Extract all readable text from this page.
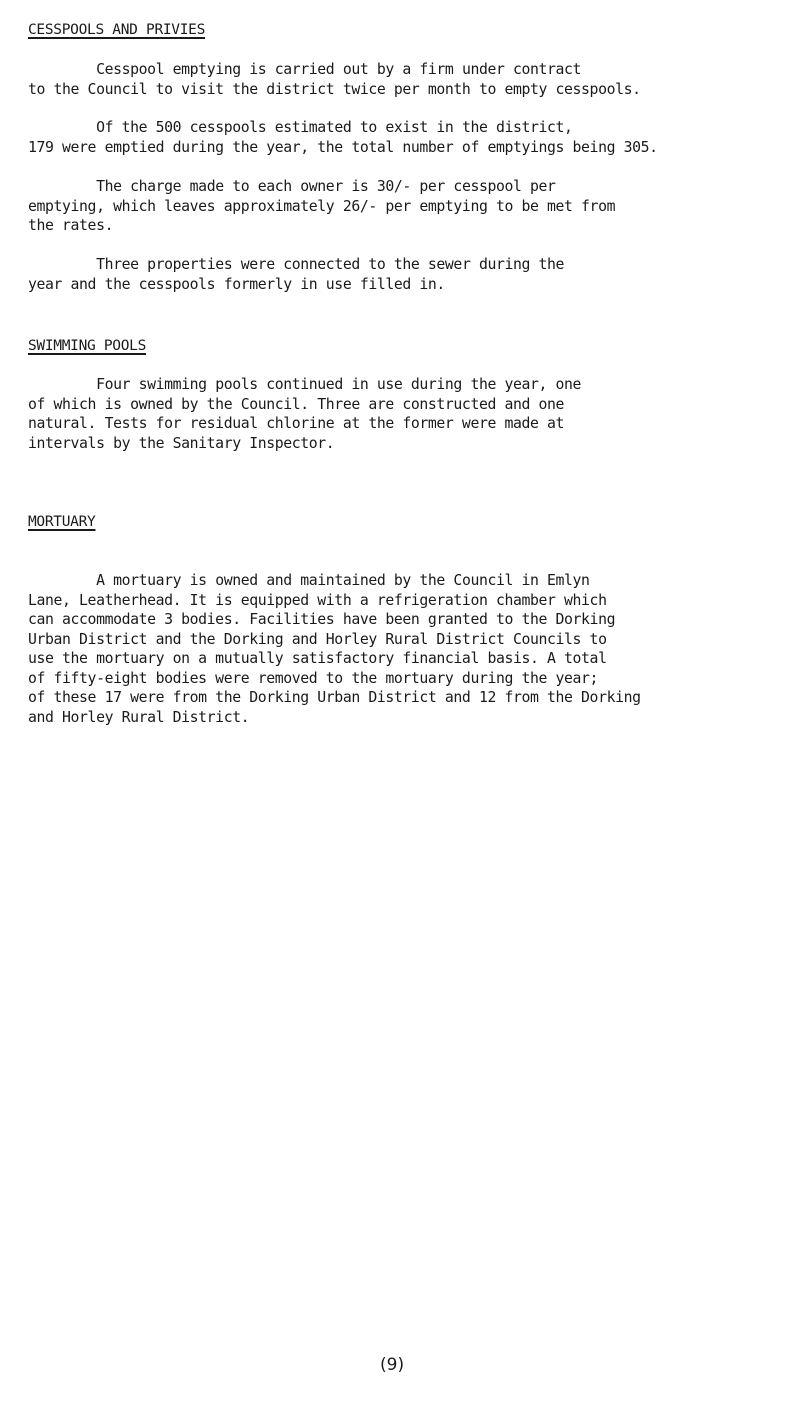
CESSPOOLS AND PRIVIES

Cesspool emptying is carried out by a firm under contract
to the Council to visit the district twice per month to empty cesspools.

Of the 500 cesspools estimated to exist in the district,
179 were emptied during the year, the total number of emptyings being 305.

The charge made to each owner is 30/- per cesspool per
emptying, which leaves approximately 26/- per emptying to be met from
the rates.

Three properties were connected to the sewer during the
year and the cesspools formerly in use filled in.

SWIMMING POOLS

Four swimming pools continued in use during the year, one
of which is owned by the Council. Three are constructed and one
natural. Tests for residual chlorine at the former were made at
intervals by the Sanitary Inspector.

MORTUARY

A mortuary is owned and maintained by the Council in Emlyn
Lane, Leatherhead. It is equipped with a refrigeration chamber which
can accommodate 3 bodies. Facilities have been granted to the Dorking
Urban District and the Dorking and Horley Rural District Councils to
use the mortuary on a mutually satisfactory financial basis. A total
of fifty-eight bodies were removed to the mortuary during the year;
of these 17 were from the Dorking Urban District and 12 from the Dorking
and Horley Rural District.

(9)
